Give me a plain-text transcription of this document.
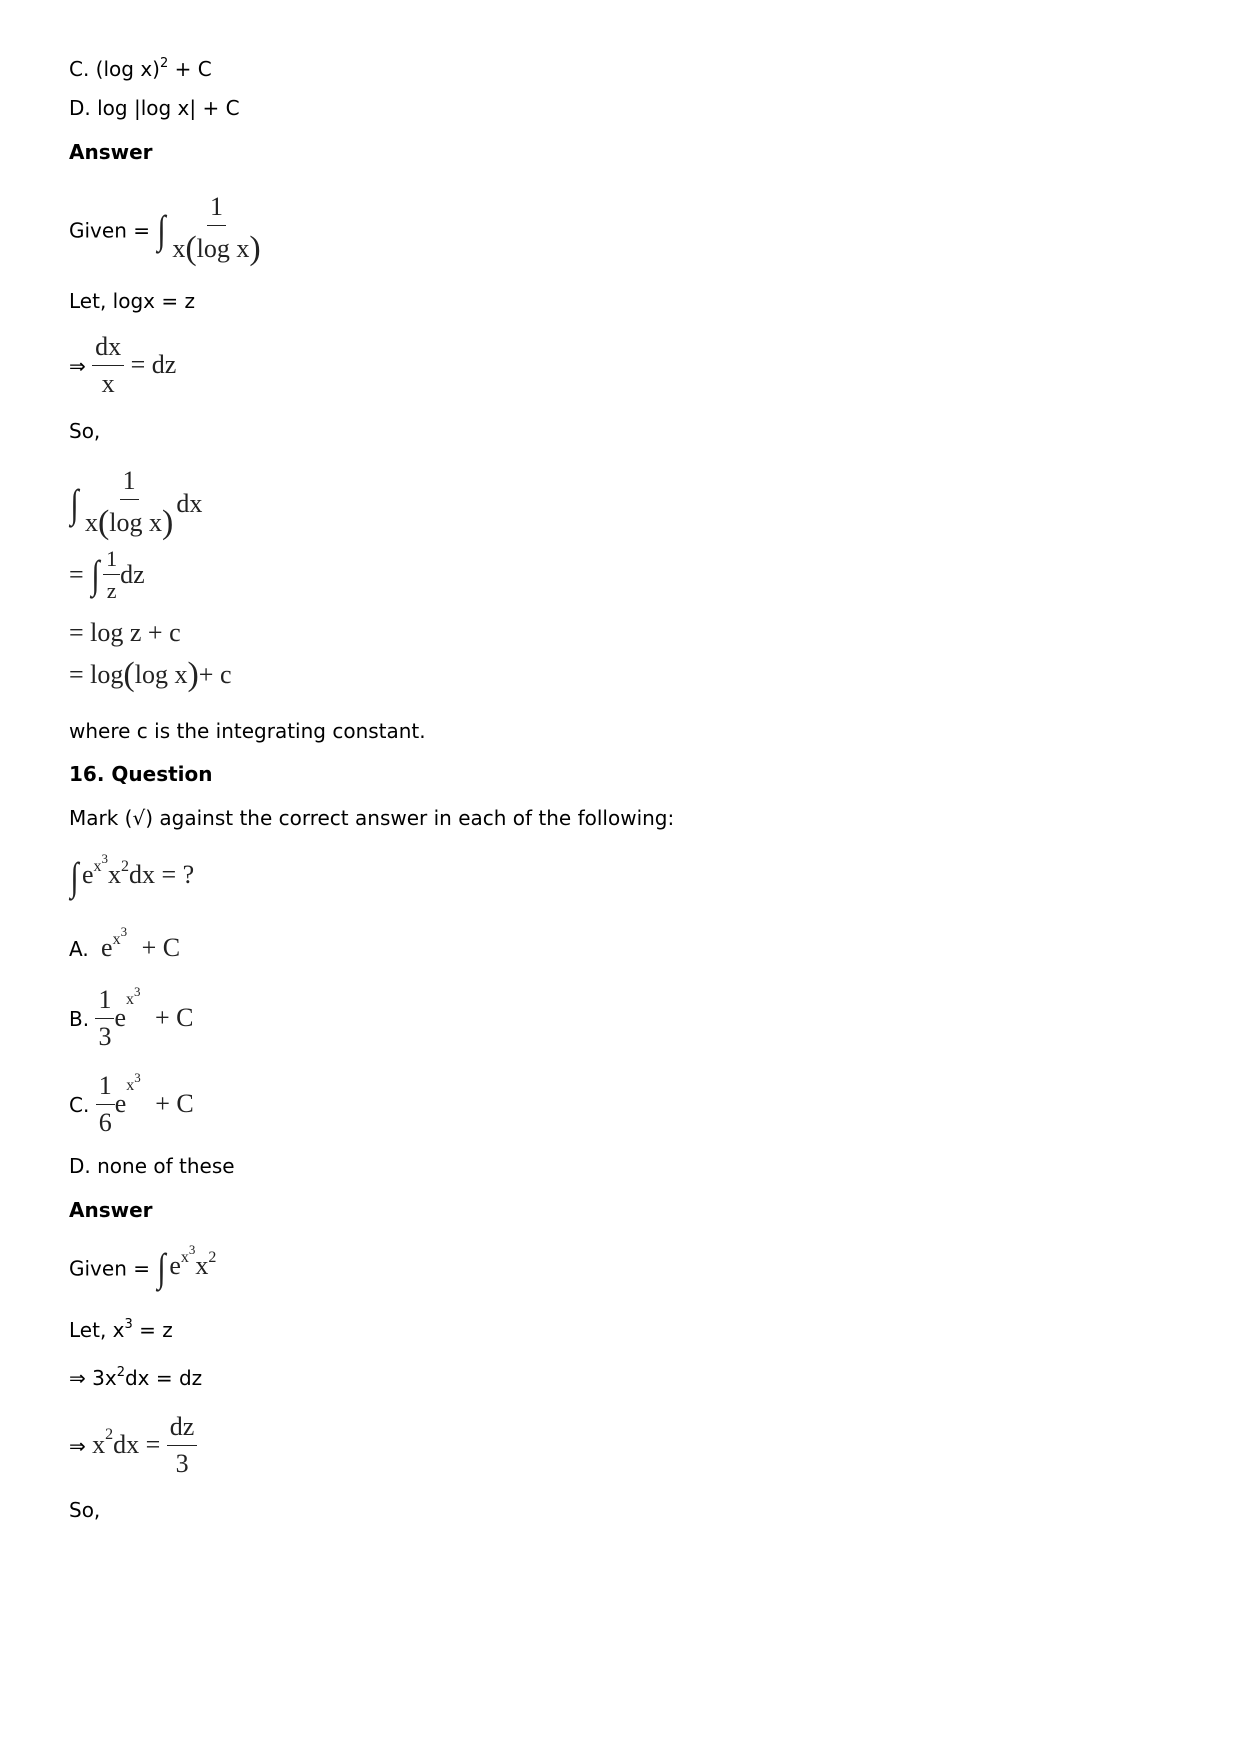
C. (log x)$^2$ + C
D. log |log x| + C
Answer
Given = ∫ $\frac{1}{\text{x(log x)}}$
Let, logx = z
⇒ $\frac{dx}{x}$ = dz
So,
∫ $\frac{1}{\text{x(log x)}}$ dx
= ∫ $\frac{1}{z}$ dz
= log z + c
= log(log x)+ c
where c is the integrating constant.
16. Question
Mark (√) against the correct answer in each of the following:
∫ $e^{x^3}x^2dx$ = ?
A. $e^{x^3} + C$
B. $\frac{1}{3} e^{x^3} + C$
C. $\frac{1}{6} e^{x^3} + C$
D. none of these
Answer
Given = ∫ $e^{x^3}x^2$
Let, $x^3 = z$
⇒ $3x^2dx$ = dz
⇒ $x^2dx = \frac{dz}{3}$
So,
